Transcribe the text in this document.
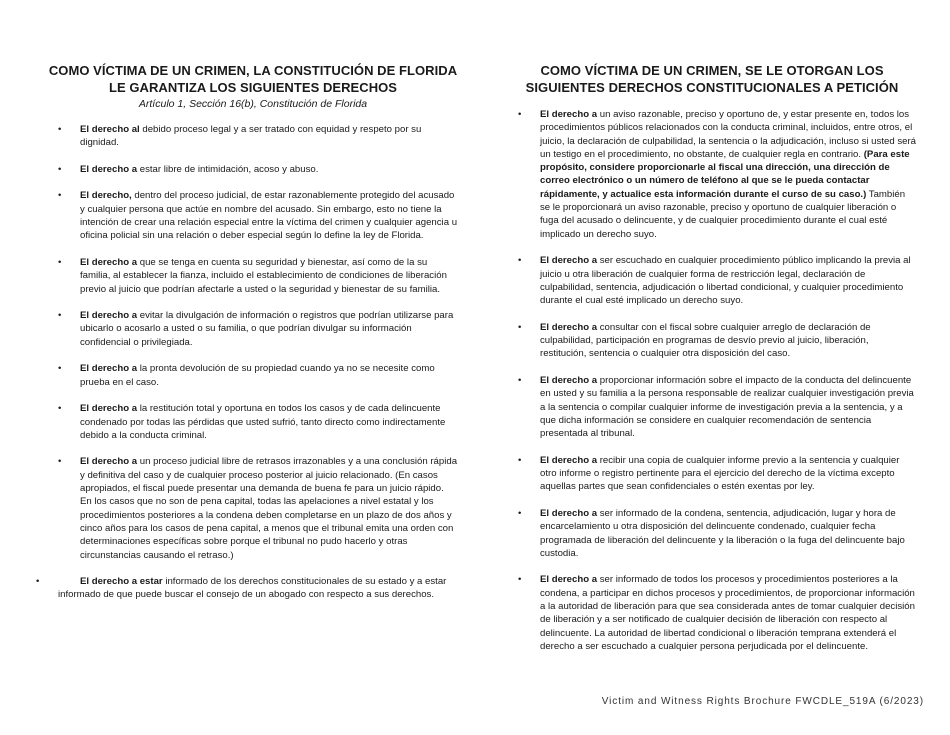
COMO VÍCTIMA DE UN CRIMEN, LA CONSTITUCIÓN DE FLORIDA LE GARANTIZA LOS SIGUIENTES DERECHOS
Artículo 1, Sección 16(b), Constitución de Florida
• El derecho al debido proceso legal y a ser tratado con equidad y respeto por su dignidad.
• El derecho a estar libre de intimidación, acoso y abuso.
• El derecho, dentro del proceso judicial, de estar razonablemente protegido del acusado y cualquier persona que actúe en nombre del acusado. Sin embargo, esto no tiene la intención de crear una relación especial entre la víctima del crimen y cualquier agencia u oficina policial sin una relación o deber especial según lo define la ley de Florida.
• El derecho a que se tenga en cuenta su seguridad y bienestar, así como de la su familia, al establecer la fianza, incluido el establecimiento de condiciones de liberación previo al juicio que podrían afectarle a usted o la seguridad y bienestar de su familia.
• El derecho a evitar la divulgación de información o registros que podrían utilizarse para ubicarlo o acosarlo a usted o su familia, o que podrían divulgar su información confidencial o privilegiada.
• El derecho a la pronta devolución de su propiedad cuando ya no se necesite como prueba en el caso.
• El derecho a la restitución total y oportuna en todos los casos y de cada delincuente condenado por todas las pérdidas que usted sufrió, tanto directo como indirectamente debido a la conducta criminal.
• El derecho a un proceso judicial libre de retrasos irrazonables y a una conclusión rápida y definitiva del caso y de cualquier proceso posterior al juicio relacionado. (En casos apropiados, el fiscal puede presentar una demanda de buena fe para un juicio rápido. En los casos que no son de pena capital, todas las apelaciones a nivel estatal y los procedimientos posteriores a la condena deben completarse en un plazo de dos años y cinco años para los casos de pena capital, a menos que el tribunal emita una orden con determinaciones específicas sobre porque el tribunal no pudo hacerlo y otras circunstancias causando el retraso.)
•	El derecho a estar informado de los derechos constitucionales de su estado y a estar informado de que puede buscar el consejo de un abogado con respecto a sus derechos.
COMO VÍCTIMA DE UN CRIMEN, SE LE OTORGAN LOS SIGUIENTES DERECHOS CONSTITUCIONALES A PETICIÓN
• El derecho a un aviso razonable, preciso y oportuno de, y estar presente en, todos los procedimientos públicos relacionados con la conducta criminal, incluidos, entre otros, el juicio, la declaración de culpabilidad, la sentencia o la adjudicación, incluso si usted será un testigo en el procedimiento, no obstante, de cualquier regla en contrario. (Para este propósito, considere proporcionarle al fiscal una dirección, una dirección de correo electrónico o un número de teléfono al que se le pueda contactar rápidamente, y actualice esta información durante el curso de su caso.) También se le proporcionará un aviso razonable, preciso y oportuno de cualquier liberación o fuga del acusado o delincuente, y de cualquier procedimiento durante el cual esté implicado un derecho suyo.
• El derecho a ser escuchado en cualquier procedimiento público implicando la previa al juicio u otra liberación de cualquier forma de restricción legal, declaración de culpabilidad, sentencia, adjudicación o libertad condicional, y cualquier procedimiento durante el cual esté implicado un derecho suyo.
• El derecho a consultar con el fiscal sobre cualquier arreglo de declaración de culpabilidad, participación en programas de desvío previo al juicio, liberación, restitución, sentencia o cualquier otra disposición del caso.
• El derecho a proporcionar información sobre el impacto de la conducta del delincuente en usted y su familia a la persona responsable de realizar cualquier investigación previa a la sentencia o compilar cualquier informe de investigación previa a la sentencia, y a que dicha información se considere en cualquier recomendación de sentencia presentada al tribunal.
• El derecho a recibir una copia de cualquier informe previo a la sentencia y cualquier otro informe o registro pertinente para el ejercicio del derecho de la víctima excepto aquellas partes que sean confidenciales o estén exentas por ley.
• El derecho a ser informado de la condena, sentencia, adjudicación, lugar y hora de encarcelamiento u otra disposición del delincuente condenado, cualquier fecha programada de liberación del delincuente y la liberación o la fuga del delincuente bajo custodia.
• El derecho a ser informado de todos los procesos y procedimientos posteriores a la condena, a participar en dichos procesos y procedimientos, de proporcionar información a la autoridad de liberación para que sea considerada antes de tomar cualquier decisión de liberación y a ser notificado de cualquier decisión de liberación con respecto al delincuente. La autoridad de libertad condicional o liberación temprana extenderá el derecho a ser escuchado a cualquier persona perjudicada por el delincuente.
Victim and Witness Rights Brochure FWCDLE_519A (6/2023)
